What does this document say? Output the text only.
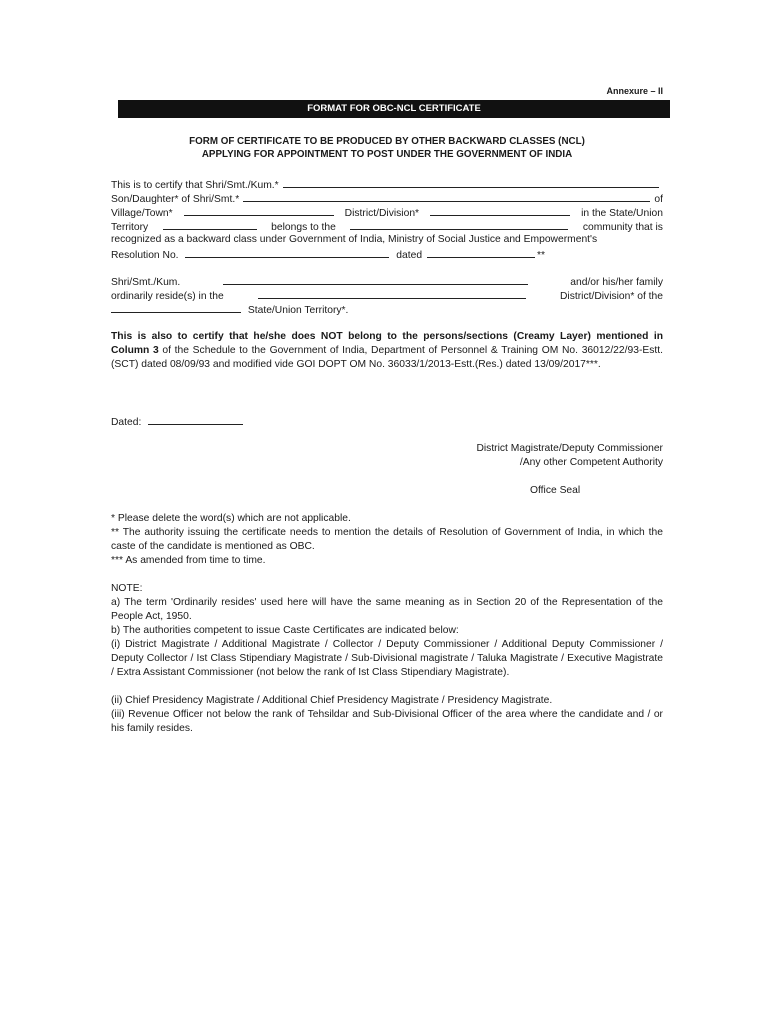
Annexure – II
FORMAT FOR OBC-NCL CERTIFICATE
FORM OF CERTIFICATE TO BE PRODUCED BY OTHER BACKWARD CLASSES (NCL)
APPLYING FOR APPOINTMENT TO POST UNDER THE GOVERNMENT OF INDIA
This is to certify that Shri/Smt./Kum.*
Son/Daughter* of Shri/Smt.*	of
Village/Town*	District/Division*	in the State/Union
Territory	belongs to the	community that is
recognized as a backward class under Government of India, Ministry of Social Justice and Empowerment's
Resolution No.	dated	**
Shri/Smt./Kum.	and/or his/her family
ordinarily reside(s) in the	District/Division* of the
State/Union Territory*.
This is also to certify that he/she does NOT belong to the persons/sections (Creamy Layer) mentioned in Column 3 of the Schedule to the Government of India, Department of Personnel & Training OM No. 36012/22/93-Estt.(SCT) dated 08/09/93 and modified vide GOI DOPT OM No. 36033/1/2013-Estt.(Res.) dated 13/09/2017***.
Dated:
District Magistrate/Deputy Commissioner
/Any other Competent Authority
Office Seal
* Please delete the word(s) which are not applicable.
** The authority issuing the certificate needs to mention the details of Resolution of Government of India, in which the caste of the candidate is mentioned as OBC.
*** As amended from time to time.
NOTE:
a) The term 'Ordinarily resides' used here will have the same meaning as in Section 20 of the Representation of the People Act, 1950.
b) The authorities competent to issue Caste Certificates are indicated below:
(i) District Magistrate / Additional Magistrate / Collector / Deputy Commissioner / Additional Deputy Commissioner / Deputy Collector / Ist Class Stipendiary Magistrate / Sub-Divisional magistrate / Taluka Magistrate / Executive Magistrate / Extra Assistant Commissioner (not below the rank of Ist Class Stipendiary Magistrate).
(ii) Chief Presidency Magistrate / Additional Chief Presidency Magistrate / Presidency Magistrate.
(iii) Revenue Officer not below the rank of Tehsildar and Sub-Divisional Officer of the area where the candidate and / or his family resides.
